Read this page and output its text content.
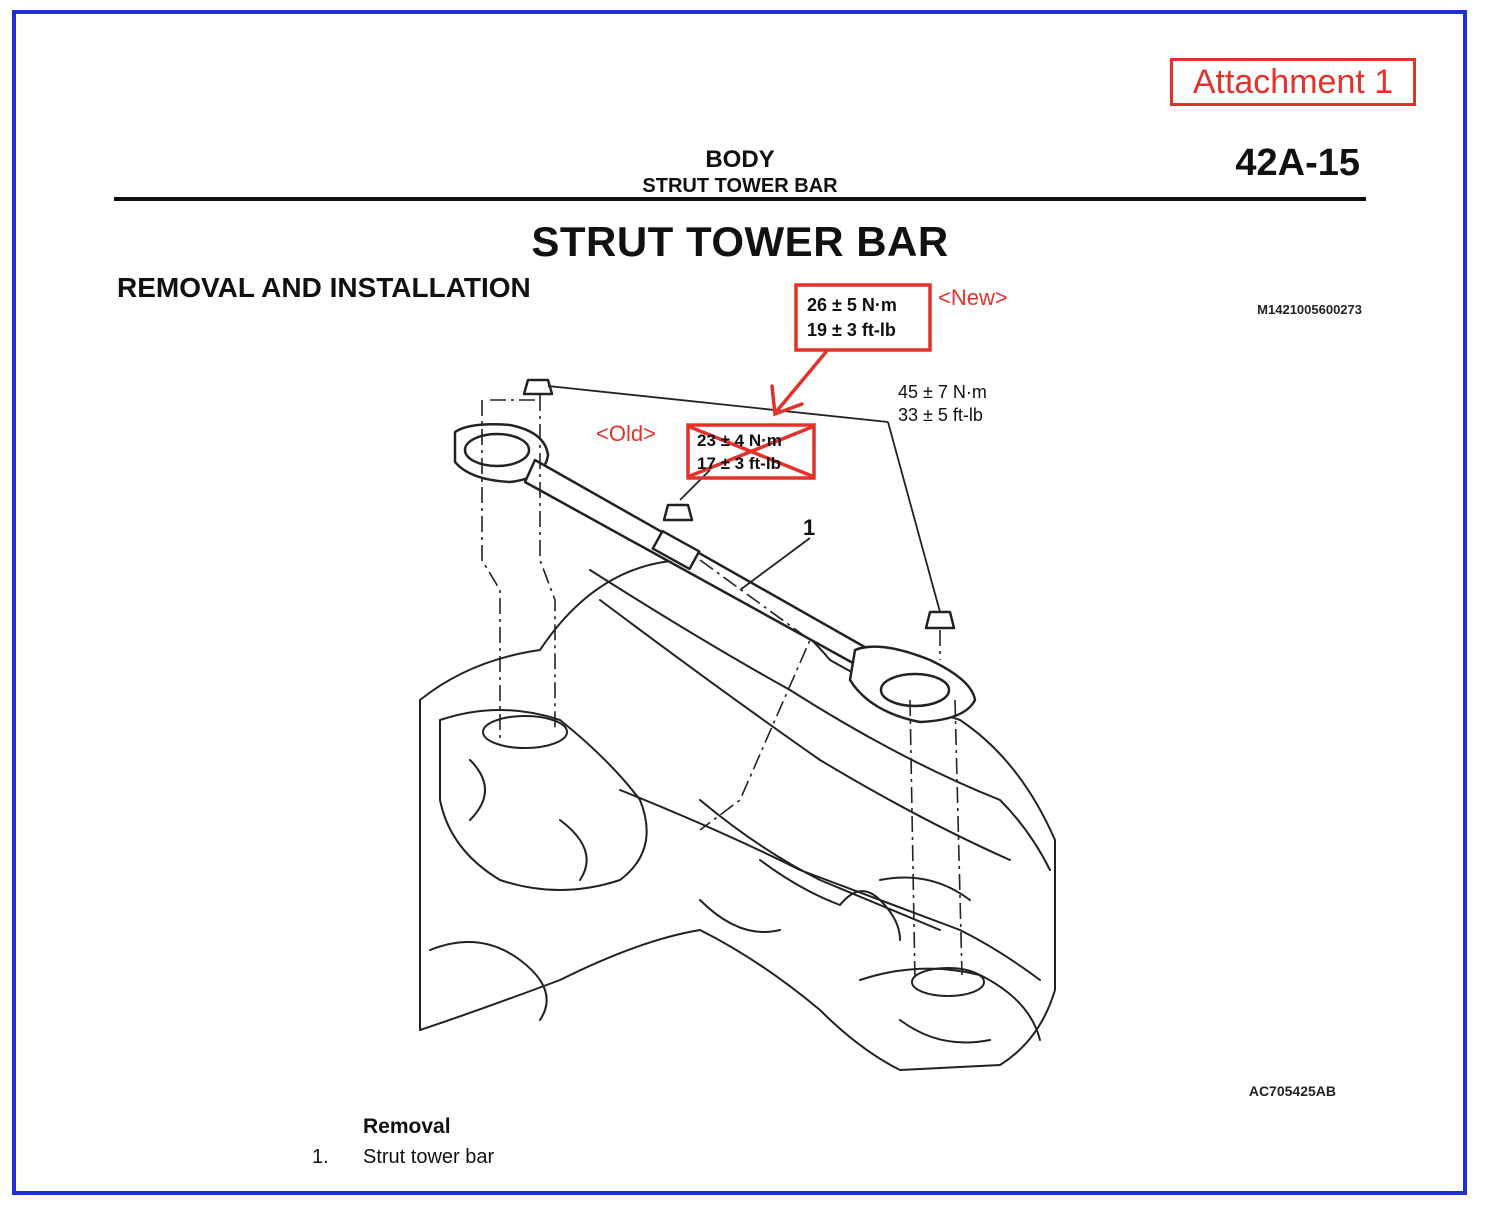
Attachment 1
BODY
STRUT TOWER BAR
42A-15
STRUT TOWER BAR
REMOVAL AND INSTALLATION
M1421005600273
26 ± 5 N·m
19 ± 3 ft-lb
<New>
<Old> 23 ± 4 N·m
17 ± 3 ft-lb
45 ± 7 N·m
33 ± 5 ft-lb
1
AC705425AB
Removal
1. Strut tower bar
